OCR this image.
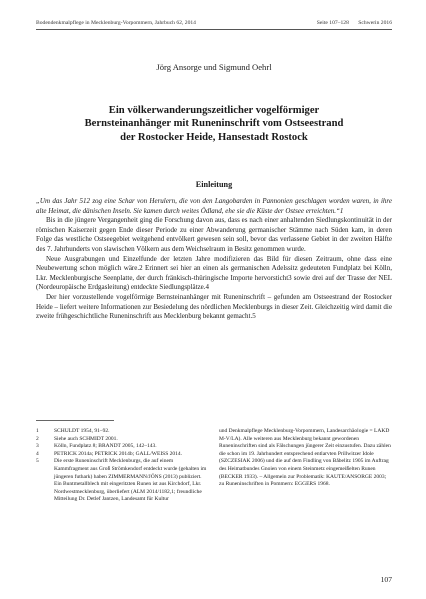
Bodendenkmalpflege in Mecklenburg-Vorpommern, Jahrbuch 62, 2014	Seite 107–128 Schwerin 2016
Jörg Ansorge und Sigmund Oehrl
Ein völkerwanderungszeitlicher vogelförmiger
Bernsteinanhänger mit Runeninschrift vom Ostseestrand
der Rostocker Heide, Hansestadt Rostock
Einleitung

„Um das Jahr 512 zog eine Schar von Herulern, die von den Langobarden in Pannonien geschlagen worden waren, in ihre alte Heimat, die dänischen Inseln. Sie kamen durch weites Ödland, ehe sie die Küste der Ostsee erreichten.“1

Bis in die jüngere Vergangenheit ging die Forschung davon aus, dass es nach einer anhaltenden Siedlungskontinuität in der römischen Kaiserzeit gegen Ende dieser Periode zu einer Abwanderung germanischer Stämme nach Süden kam, in deren Folge das westliche Ostseegebiet weitgehend entvölkert gewesen sein soll, bevor das verlassene Gebiet in der zweiten Hälfte des 7. Jahrhunderts von slawischen Völkern aus dem Weichselraum in Besitz genommen wurde.

Neue Ausgrabungen und Einzelfunde der letzten Jahre modifizieren das Bild für diesen Zeitraum, ohne dass eine Neubewertung schon möglich wäre.2 Erinnert sei hier an einen als germanischen Adelssitz gedeuteten Fundplatz bei Kölln, Lkr. Mecklenburgische Seenplatte, der durch fränkisch-thüringische Importe hervorsticht3 sowie drei auf der Trasse der NEL (Nordeuropäische Erdgasleitung) entdeckte Siedlungsplätze.4

Der hier vorzustellende vogelförmige Bernsteinanhänger mit Runeninschrift – gefunden am Ostseestrand der Rostocker Heide – liefert weitere Informationen zur Besiedelung des nördlichen Mecklenburgs in dieser Zeit. Gleichzeitig wird damit die zweite frühgeschichtliche Runeninschrift aus Mecklenburg bekannt gemacht.5

1	SCHULDT 1954, 91–92.
2	Siehe auch SCHMIDT 2001.
3	Kölln, Fundplatz 8; BRANDT 2005, 142–143.
4	PETRICK 2014a; PETRICK 2014b; GALL/WEISS 2014.
5	Die erste Runeninschrift Mecklenburgs, die auf einem Kammfragment aus Groß Strömkendorf entdeckt wurde (gehalten im jüngeren futhark) haben ZIMMERMANN/JÖNS (2013) publiziert. Ein Buntmetallblech mit eingeritzten Runen ist aus Kirchdorf, Lkr. Nordwestmecklenburg, überliefert (ALM 2014/1182,1; freundliche Mitteilung Dr. Detlef Jantzen, Landesamt für Kultur
und Denkmalpflege Mecklenburg-Vorpommern, Landesarchäologie = LAKD M-V/LA). Alle weiteren aus Mecklenburg bekannt gewordenen Runeninschriften sind als Fälschungen jüngerer Zeit einzustufen. Dazu zählen die schon im 19. Jahrhundert entsprechend entlarvten Prillwitzer Idole (SZCZESIAK 2006) und die auf dem Findling von Båbelitz 1905 im Auftrag des Heimatbundes Gnoien von einem Steinmetz eingemeißelten Runen (BECKER 1933). – Allgemein zur Problematik: KAUTE/ANSORGE 2003; zu Runeninschriften in Pommern: EGGERS 1968.
107
